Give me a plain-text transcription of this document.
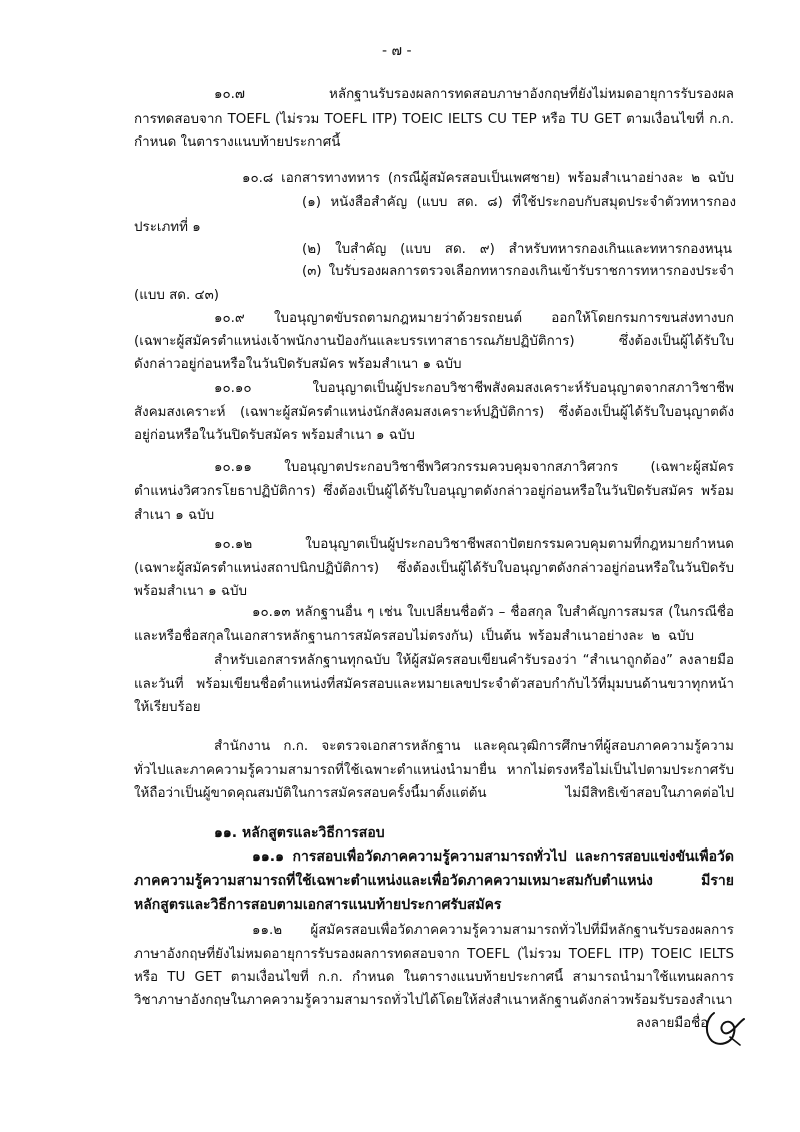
- ๗ -
๑๐.๗ หลักฐานรับรองผลการทดสอบภาษาอังกฤษที่ยังไม่หมดอายุการรับรองผล
การทดสอบจาก TOEFL (ไม่รวม TOEFL ITP) TOEIC IELTS CU TEP หรือ TU GET ตามเงื่อนไขที่ ก.ก.
กำหนด ในตารางแนบท้ายประกาศนี้
๑๐.๘ เอกสารทางทหาร (กรณีผู้สมัครสอบเป็นเพศชาย) พร้อมสำเนาอย่างละ ๒ ฉบับ
(๑) หนังสือสำคัญ (แบบ สด. ๘) ที่ใช้ประกอบกับสมุดประจำตัวทหารกอง
ประเภทที่ ๑
(๒) ใบสำคัญ (แบบ สด. ๙) สำหรับทหารกองเกินและทหารกองหนุน
(๓) ใบรับรองผลการตรวจเลือกทหารกองเกินเข้ารับราชการทหารกองประจำ
(แบบ สด. ๔๓)
๑๐.๙ ใบอนุญาตขับรถตามกฎหมายว่าด้วยรถยนต์ ออกให้โดยกรมการขนส่งทางบก
(เฉพาะผู้สมัครตำแหน่งเจ้าพนักงานป้องกันและบรรเทาสาธารณภัยปฏิบัติการ) ซึ่งต้องเป็นผู้ได้รับใบ
ดังกล่าวอยู่ก่อนหรือในวันปิดรับสมัคร พร้อมสำเนา ๑ ฉบับ
๑๐.๑๐ ใบอนุญาตเป็นผู้ประกอบวิชาชีพสังคมสงเคราะห์รับอนุญาตจากสภาวิชาชีพ
สังคมสงเคราะห์ (เฉพาะผู้สมัครตำแหน่งนักสังคมสงเคราะห์ปฏิบัติการ) ซึ่งต้องเป็นผู้ได้รับใบอนุญาตดัง
อยู่ก่อนหรือในวันปิดรับสมัคร พร้อมสำเนา ๑ ฉบับ
๑๐.๑๑ ใบอนุญาตประกอบวิชาชีพวิศวกรรมควบคุมจากสภาวิศวกร (เฉพาะผู้สมัคร
ตำแหน่งวิศวกรโยธาปฏิบัติการ) ซึ่งต้องเป็นผู้ได้รับใบอนุญาตดังกล่าวอยู่ก่อนหรือในวันปิดรับสมัคร พร้อม
สำเนา ๑ ฉบับ
๑๐.๑๒ ใบอนุญาตเป็นผู้ประกอบวิชาชีพสถาปัตยกรรมควบคุมตามที่กฎหมายกำหนด
(เฉพาะผู้สมัครตำแหน่งสถาปนิกปฏิบัติการ) ซึ่งต้องเป็นผู้ได้รับใบอนุญาตดังกล่าวอยู่ก่อนหรือในวันปิดรับ
พร้อมสำเนา ๑ ฉบับ
๑๐.๑๓ หลักฐานอื่น ๆ เช่น ใบเปลี่ยนชื่อตัว – ชื่อสกุล ใบสำคัญการสมรส (ในกรณีชื่อ
และหรือชื่อสกุลในเอกสารหลักฐานการสมัครสอบไม่ตรงกัน) เป็นต้น พร้อมสำเนาอย่างละ ๒ ฉบับ
สำหรับเอกสารหลักฐานทุกฉบับ ให้ผู้สมัครสอบเขียนคำรับรองว่า “สำเนาถูกต้อง” ลงลายมือ
และวันที่ พร้อมเขียนชื่อตำแหน่งที่สมัครสอบและหมายเลขประจำตัวสอบกำกับไว้ที่มุมบนด้านขวาทุกหน้า
ให้เรียบร้อย
สำนักงาน ก.ก. จะตรวจเอกสารหลักฐาน และคุณวุฒิการศึกษาที่ผู้สอบภาคความรู้ความ
ทั่วไปและภาคความรู้ความสามารถที่ใช้เฉพาะตำแหน่งนำมายื่น หากไม่ตรงหรือไม่เป็นไปตามประกาศรับ
ให้ถือว่าเป็นผู้ขาดคุณสมบัติในการสมัครสอบครั้งนี้มาตั้งแต่ต้น ไม่มีสิทธิเข้าสอบในภาคต่อไป
๑๑. หลักสูตรและวิธีการสอบ
๑๑.๑ การสอบเพื่อวัดภาคความรู้ความสามารถทั่วไป และการสอบแข่งขันเพื่อวัด
ภาคความรู้ความสามารถที่ใช้เฉพาะตำแหน่งและเพื่อวัดภาคความเหมาะสมกับตำแหน่ง มีราย
หลักสูตรและวิธีการสอบตามเอกสารแนบท้ายประกาศรับสมัคร
๑๑.๒ ผู้สมัครสอบเพื่อวัดภาคความรู้ความสามารถทั่วไปที่มีหลักฐานรับรองผลการ
ภาษาอังกฤษที่ยังไม่หมดอายุการรับรองผลการทดสอบจาก TOEFL (ไม่รวม TOEFL ITP) TOEIC IELTS
หรือ TU GET ตามเงื่อนไขที่ ก.ก. กำหนด ในตารางแนบท้ายประกาศนี้ สามารถนำมาใช้แทนผลการ
วิชาภาษาอังกฤษในภาคความรู้ความสามารถทั่วไปได้โดยให้ส่งสำเนาหลักฐานดังกล่าวพร้อมรับรองสำเนา
ลงลายมือชื่อ
